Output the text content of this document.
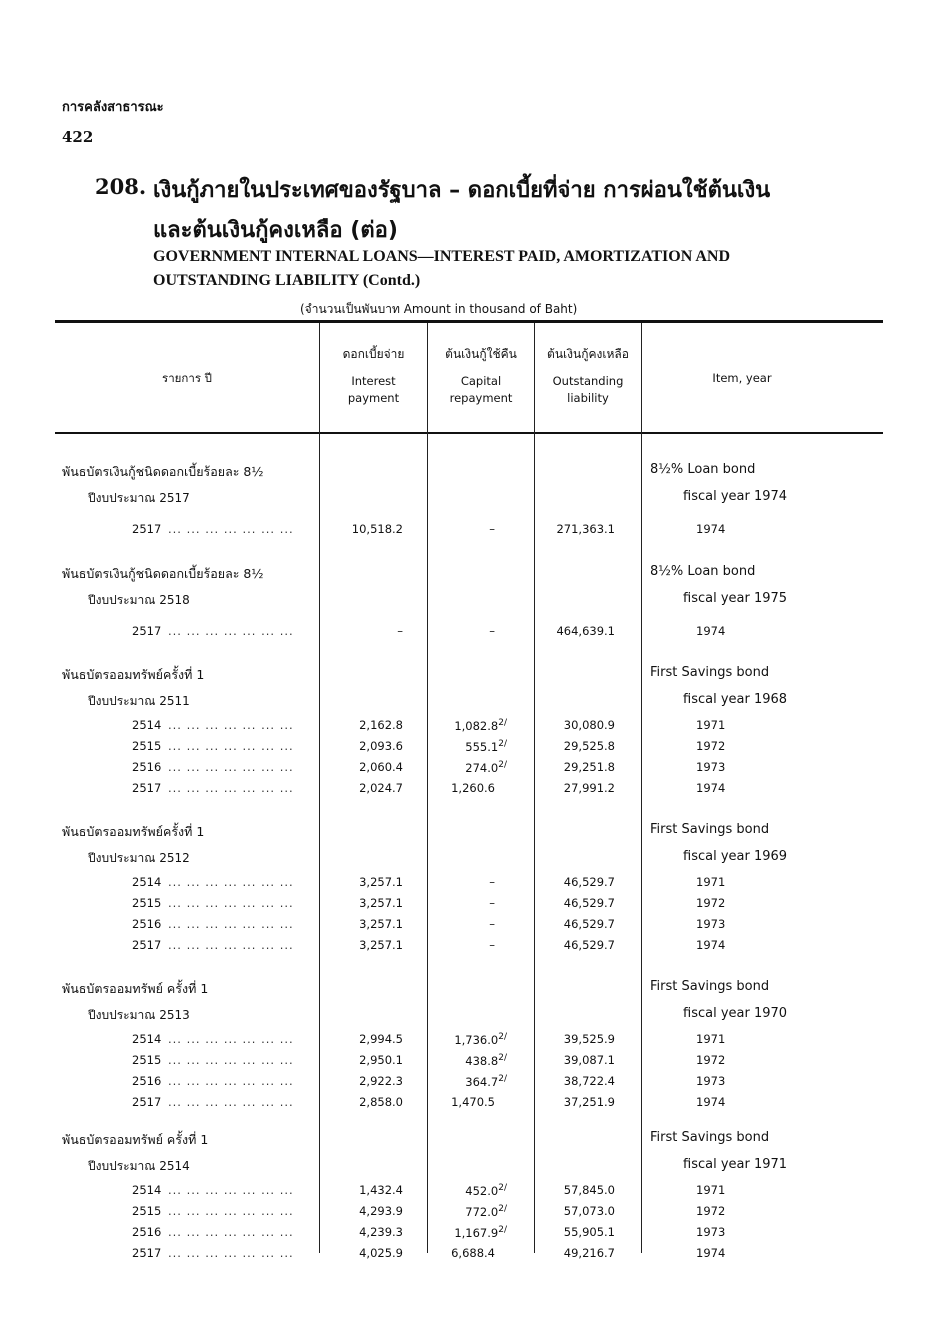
การคลังสาธารณะ
422
208. เงินกู้ภายในประเทศของรัฐบาล – ดอกเบี้ยที่จ่าย การผ่อนใช้ต้นเงิน
และต้นเงินกู้คงเหลือ (ต่อ)
GOVERNMENT INTERNAL LOANS—INTEREST PAID, AMORTIZATION AND
OUTSTANDING LIABILITY (Contd.)
(จำนวนเป็นพันบาท Amount in thousand of Baht)
รายการ ปี
ดอกเบี้ยจ่าย
Interest
payment
ต้นเงินกู้ใช้คืน
Capital
repayment
ต้นเงินกู้คงเหลือ
Outstanding
liability
Item, year
พันธบัตรเงินกู้ชนิดดอกเบี้ยร้อยละ 8½
ปีงบประมาณ 2517
8½% Loan bond
fiscal year 1974
2517 ... ... ... ... ... ... ...	10,518.2	–	271,363.1	1974
พันธบัตรเงินกู้ชนิดดอกเบี้ยร้อยละ 8½
ปีงบประมาณ 2518
8½% Loan bond
fiscal year 1975
2517 ... ... ... ... ... ... ...	–	–	464,639.1	1974
พันธบัตรออมทรัพย์ครั้งที่ 1
ปีงบประมาณ 2511
First Savings bond
fiscal year 1968
2514 ... ... ... ... ... ... ...	2,162.8	1,082.8$^{2/}$	30,080.9	1971
2515 ... ... ... ... ... ... ...	2,093.6	555.1$^{2/}$	29,525.8	1972
2516 ... ... ... ... ... ... ...	2,060.4	274.0$^{2/}$	29,251.8	1973
2517 ... ... ... ... ... ... ...	2,024.7	1,260.6	27,991.2	1974
พันธบัตรออมทรัพย์ครั้งที่ 1
ปีงบประมาณ 2512
First Savings bond
fiscal year 1969
2514 ... ... ... ... ... ... ...	3,257.1	–	46,529.7	1971
2515 ... ... ... ... ... ... ...	3,257.1	–	46,529.7	1972
2516 ... ... ... ... ... ... ...	3,257.1	–	46,529.7	1973
2517 ... ... ... ... ... ... ...	3,257.1	–	46,529.7	1974
พันธบัตรออมทรัพย์ ครั้งที่ 1
ปีงบประมาณ 2513
First Savings bond
fiscal year 1970
2514 ... ... ... ... ... ... ...	2,994.5	1,736.0$^{2/}$	39,525.9	1971
2515 ... ... ... ... ... ... ...	2,950.1	438.8$^{2/}$	39,087.1	1972
2516 ... ... ... ... ... ... ...	2,922.3	364.7$^{2/}$	38,722.4	1973
2517 ... ... ... ... ... ... ...	2,858.0	1,470.5	37,251.9	1974
พันธบัตรออมทรัพย์ ครั้งที่ 1
ปีงบประมาณ 2514
First Savings bond
fiscal year 1971
2514 ... ... ... ... ... ... ...	1,432.4	452.0$^{2/}$	57,845.0	1971
2515 ... ... ... ... ... ... ...	4,293.9	772.0$^{2/}$	57,073.0	1972
2516 ... ... ... ... ... ... ...	4,239.3	1,167.9$^{2/}$	55,905.1	1973
2517 ... ... ... ... ... ... ...	4,025.9	6,688.4	49,216.7	1974
